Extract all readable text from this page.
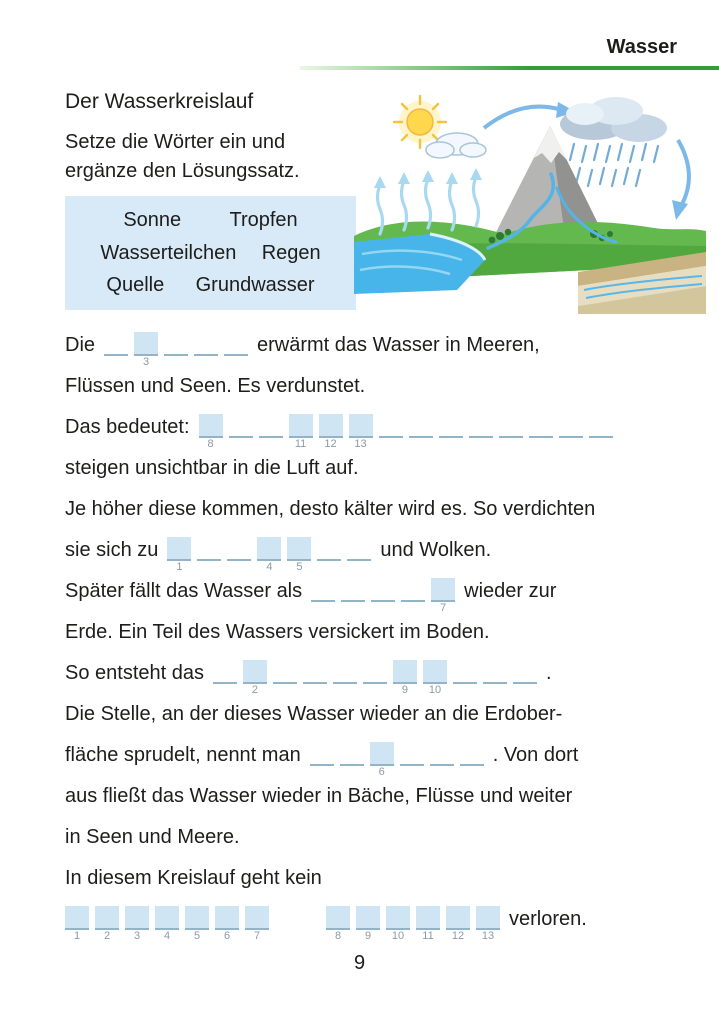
Wasser
Der Wasserkreislauf
Setze die Wörter ein und
ergänze den Lösungssatz.
Sonne Tropfen
Wasserteilchen Regen
Quelle Grundwasser
Die
3
erwärmt das Wasser in Meeren,
Flüssen und Seen. Es verdunstet.
Das bedeutet:
8	11 12 13
steigen unsichtbar in die Luft auf.
Je höher diese kommen, desto kälter wird es. So verdichten
sie sich zu
1	4 5
und Wolken.
Später fällt das Wasser als
7
wieder zur
Erde. Ein Teil des Wassers versickert im Boden.
So entsteht das
2	9 10
.
Die Stelle, an der dieses Wasser wieder an die Erdober-
fläche sprudelt, nennt man
6
. Von dort
aus fließt das Wasser wieder in Bäche, Flüsse und weiter
in Seen und Meere.
In diesem Kreislauf geht kein
1 2 3 4 5 6 7	8 9 10 11 12 13
verloren.
9
